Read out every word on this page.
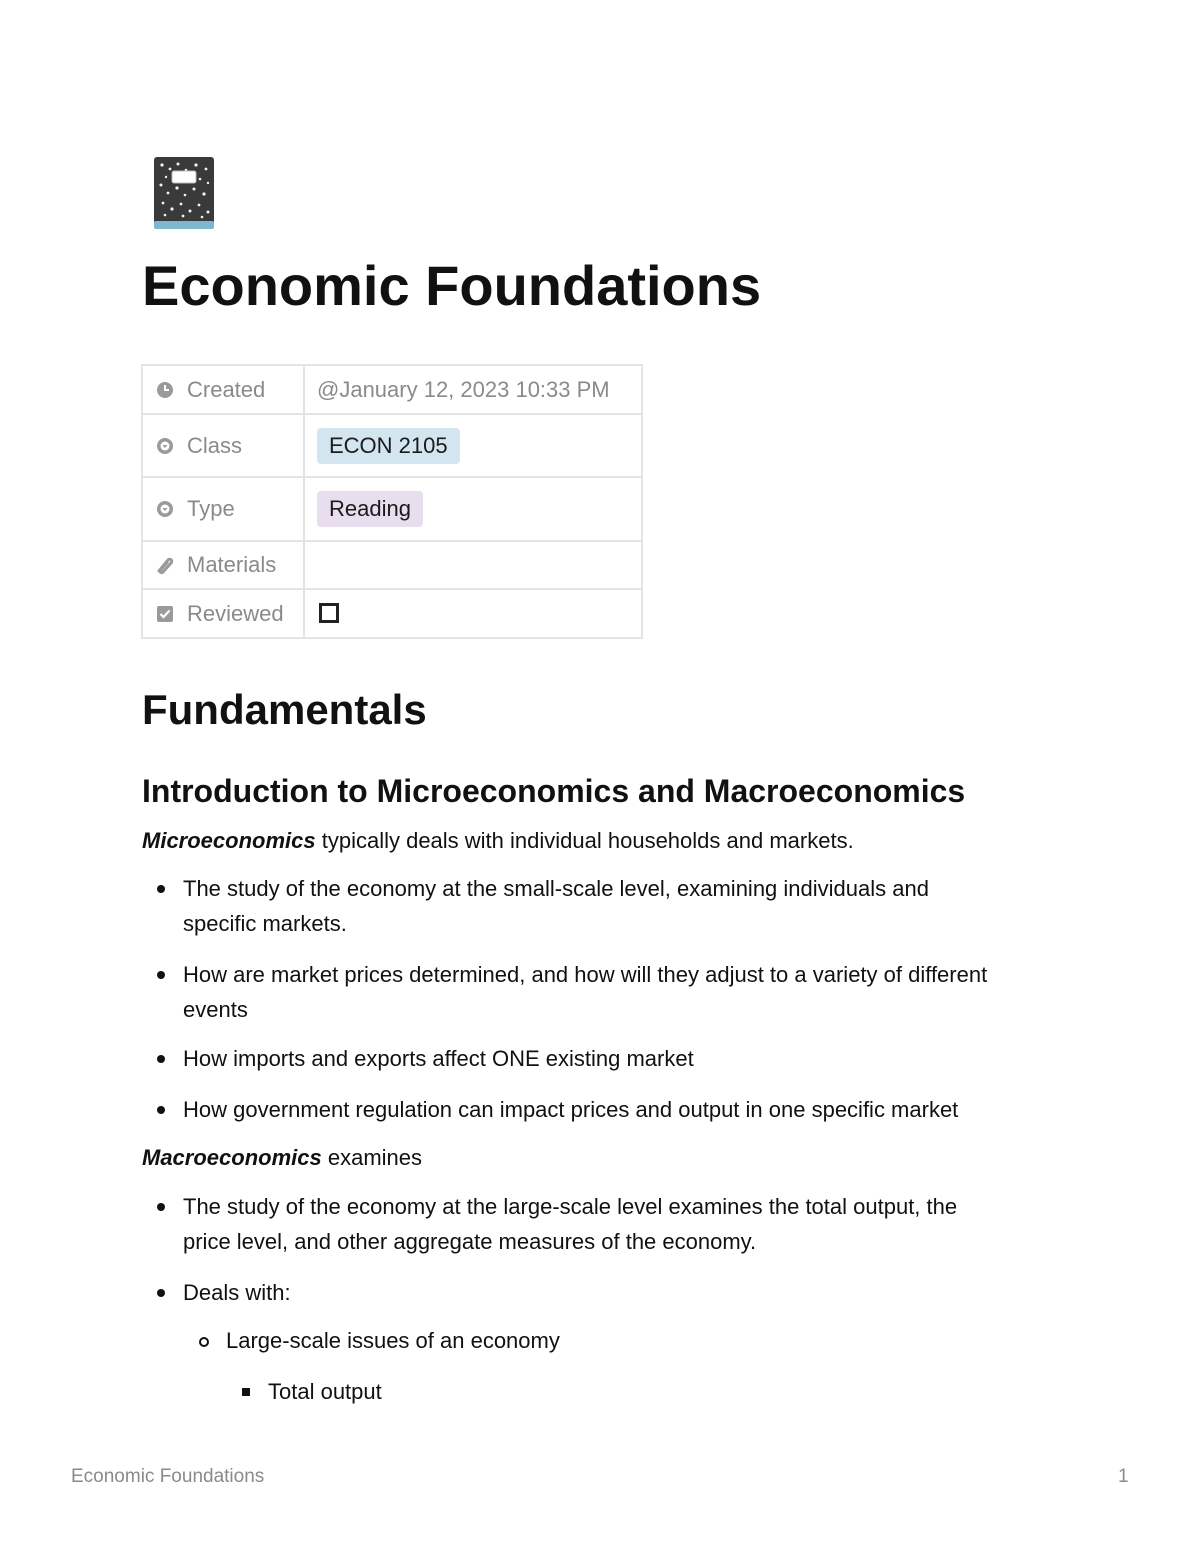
Economic Foundations
Created	@January 12, 2023 10:33 PM

Class	ECON 2105

Type	Reading

Materials	

Reviewed	

Fundamentals
Introduction to Microeconomics and Macroeconomics

Microeconomics typically deals with individual households and markets.

The study of the economy at the small-scale level, examining individuals and
specific markets.

How are market prices determined, and how will they adjust to a variety of different
events

How imports and exports affect ONE existing market

How government regulation can impact prices and output in one specific market

Macroeconomics examines

The study of the economy at the large-scale level examines the total output, the
price level, and other aggregate measures of the economy.

Deals with:

Large-scale issues of an economy

Total output

Economic Foundations	1
